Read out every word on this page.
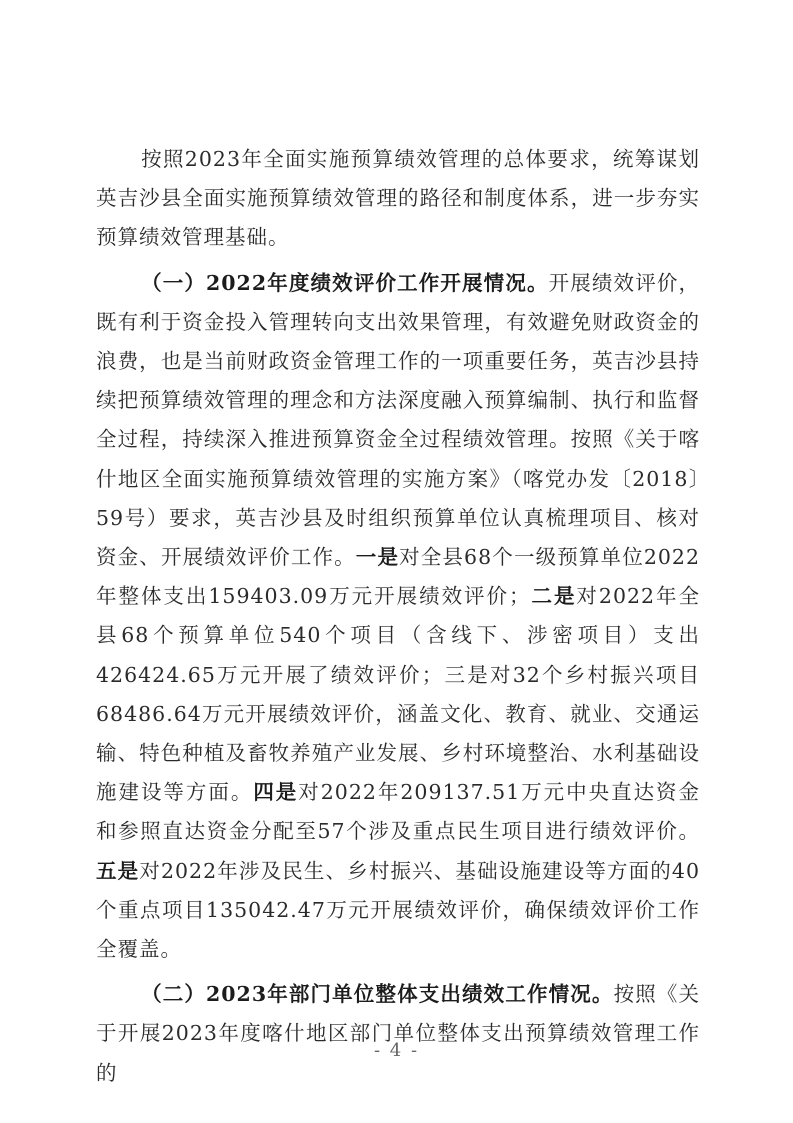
按照2023年全面实施预算绩效管理的总体要求，统筹谋划英吉沙县全面实施预算绩效管理的路径和制度体系，进一步夯实预算绩效管理基础。

（一）2022年度绩效评价工作开展情况。开展绩效评价，既有利于资金投入管理转向支出效果管理，有效避免财政资金的浪费，也是当前财政资金管理工作的一项重要任务，英吉沙县持续把预算绩效管理的理念和方法深度融入预算编制、执行和监督全过程，持续深入推进预算资金全过程绩效管理。按照《关于喀什地区全面实施预算绩效管理的实施方案》（喀党办发〔2018〕59号）要求，英吉沙县及时组织预算单位认真梳理项目、核对资金、开展绩效评价工作。一是对全县68个一级预算单位2022年整体支出159403.09万元开展绩效评价；二是对2022年全县68个预算单位540个项目（含线下、涉密项目）支出426424.65万元开展了绩效评价；三是对32个乡村振兴项目68486.64万元开展绩效评价，涵盖文化、教育、就业、交通运输、特色种植及畜牧养殖产业发展、乡村环境整治、水利基础设施建设等方面。四是对2022年209137.51万元中央直达资金和参照直达资金分配至57个涉及重点民生项目进行绩效评价。五是对2022年涉及民生、乡村振兴、基础设施建设等方面的40个重点项目135042.47万元开展绩效评价，确保绩效评价工作全覆盖。

（二）2023年部门单位整体支出绩效工作情况。按照《关于开展2023年度喀什地区部门单位整体支出预算绩效管理工作的

- 4 -
